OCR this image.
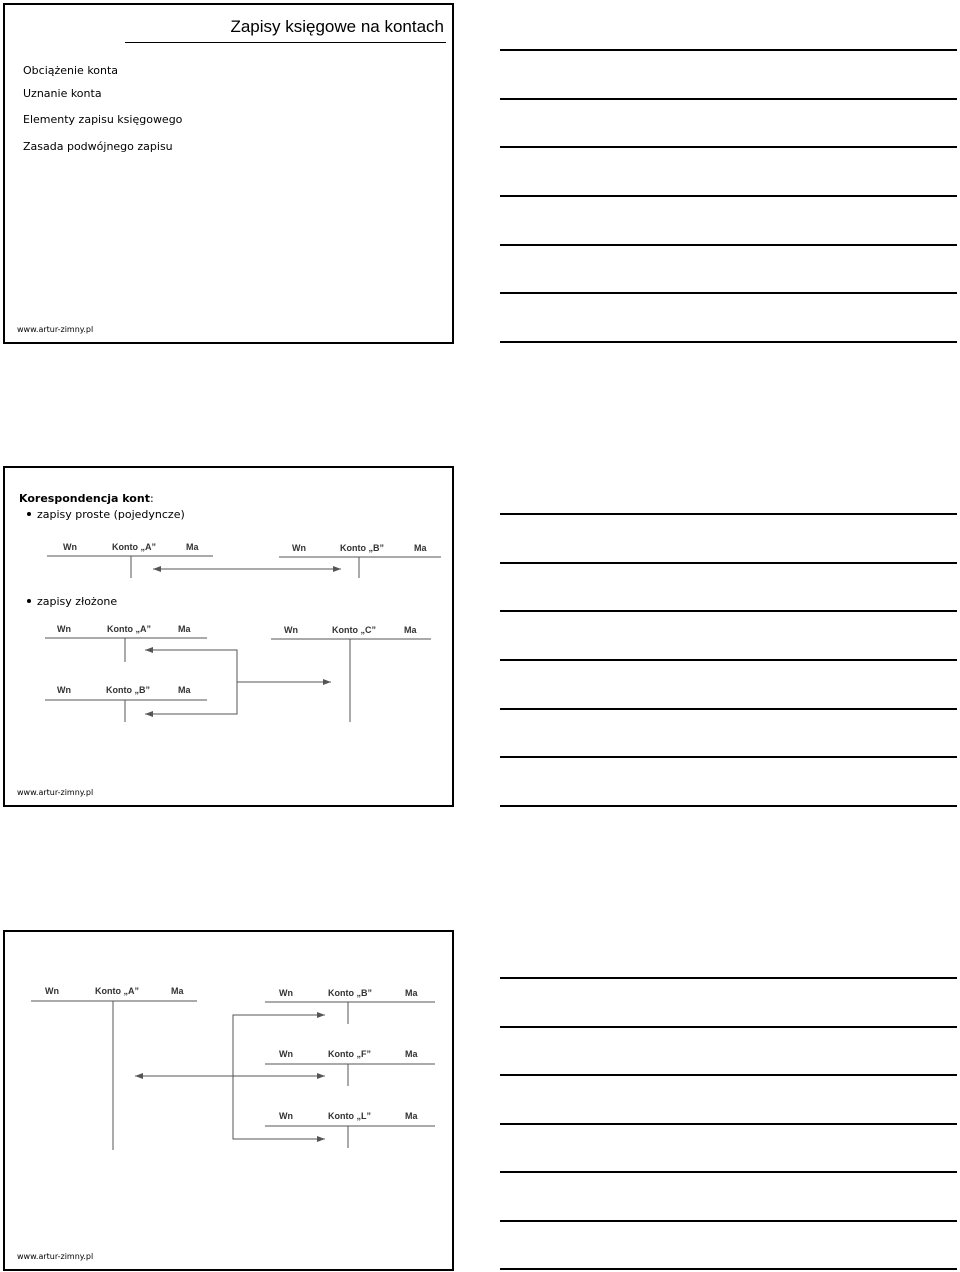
Zapisy księgowe na kontach
Obciążenie konta
Uznanie konta
Elementy zapisu księgowego
Zasada podwójnego zapisu
www.artur-zimny.pl
Korespondencja kont:
zapisy proste (pojedyncze)
Wn	Konto „A”	Ma	Wn	Konto „B”	Ma
zapisy złożone
Wn	Konto „A”	Ma	Wn	Konto „C”	Ma
Wn	Konto „B”	Ma
www.artur-zimny.pl
Wn	Konto „A”	Ma	Wn	Konto „B”	Ma
Wn	Konto „F”	Ma
Wn	Konto „L”	Ma
www.artur-zimny.pl
